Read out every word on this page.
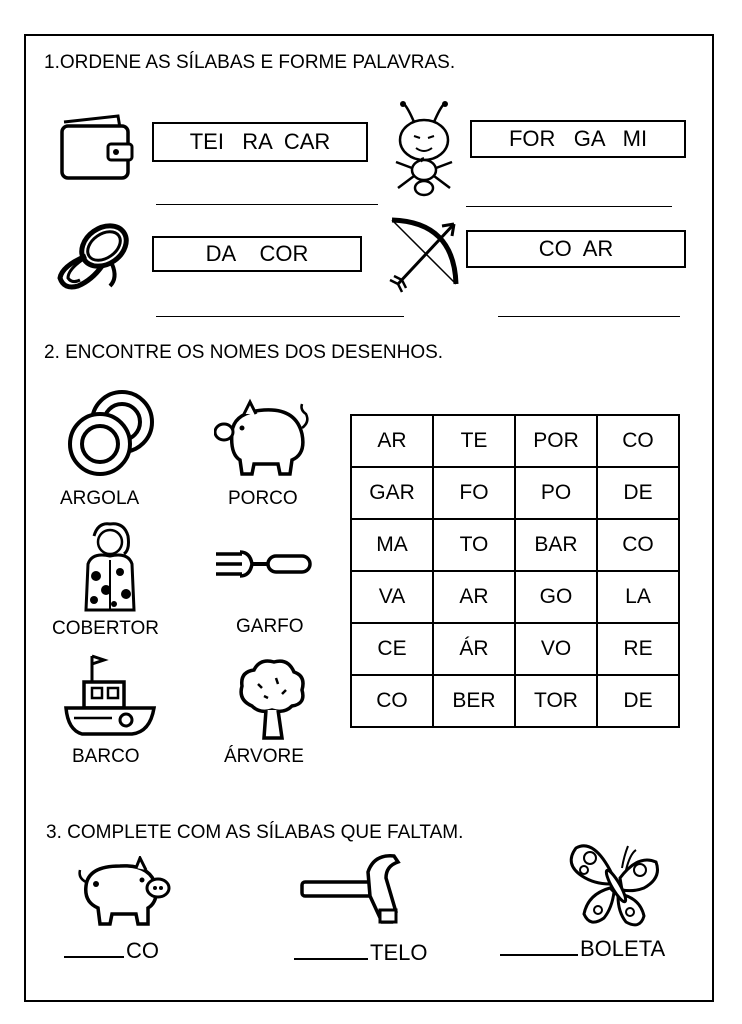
1.ORDENE AS SÍLABAS E FORME PALAVRAS.
TEI   RA  CAR	FOR   GA   MI
DA    COR	CO  AR
2. ENCONTRE OS NOMES DOS DESENHOS.
ARGOLA	PORCO
COBERTOR	GARFO
BARCO	ÁRVORE
AR	TE	POR	CO
GAR	FO	PO	DE
MA	TO	BAR	CO
VA	AR	GO	LA
CE	ÁR	VO	RE
CO	BER	TOR	DE
3. COMPLETE COM AS SÍLABAS QUE FALTAM.
CO	TELO	BOLETA
